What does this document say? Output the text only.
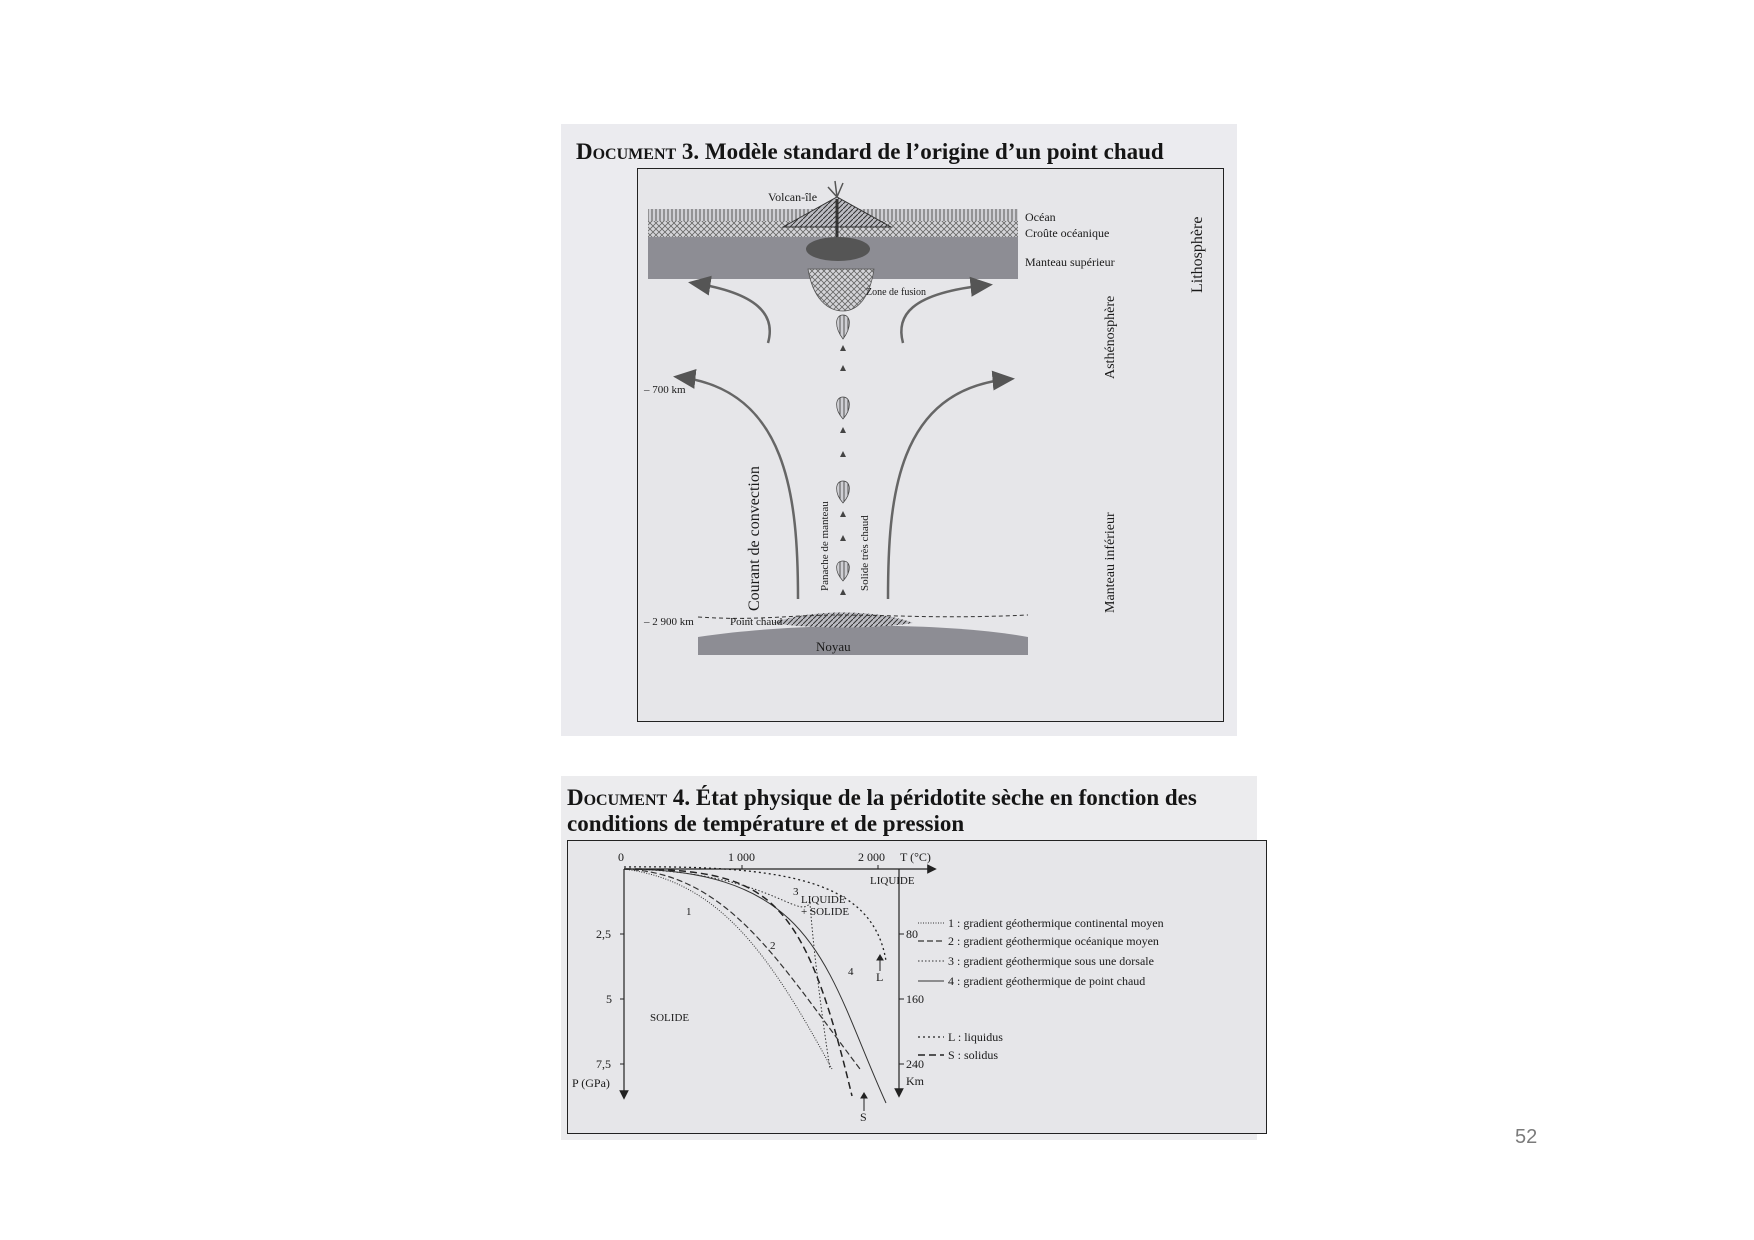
Document 3. Modèle standard de l’origine d’un point chaud
Volcan-île
Océan
Croûte océanique
Manteau supérieur	Lithosphère
Zone de fusion
Asthénosphère
– 700 km
Courant de convection	Panache de manteau	Solide très chaud	Manteau inférieur
– 2 900 km	Point chaud
Noyau
Document 4. État physique de la péridotite sèche en fonction des
conditions de température et de pression
0	1 000	2 000 T (°C)
2,5
5
7,5
P (GPa)
80
160
240
Km
LIQUIDE
LIQUIDE
+ SOLIDE
SOLIDE
1
2
3
4 L
S
1 : gradient géothermique continental moyen
2 : gradient géothermique océanique moyen
3 : gradient géothermique sous une dorsale
4 : gradient géothermique de point chaud
L : liquidus
S : solidus
52
